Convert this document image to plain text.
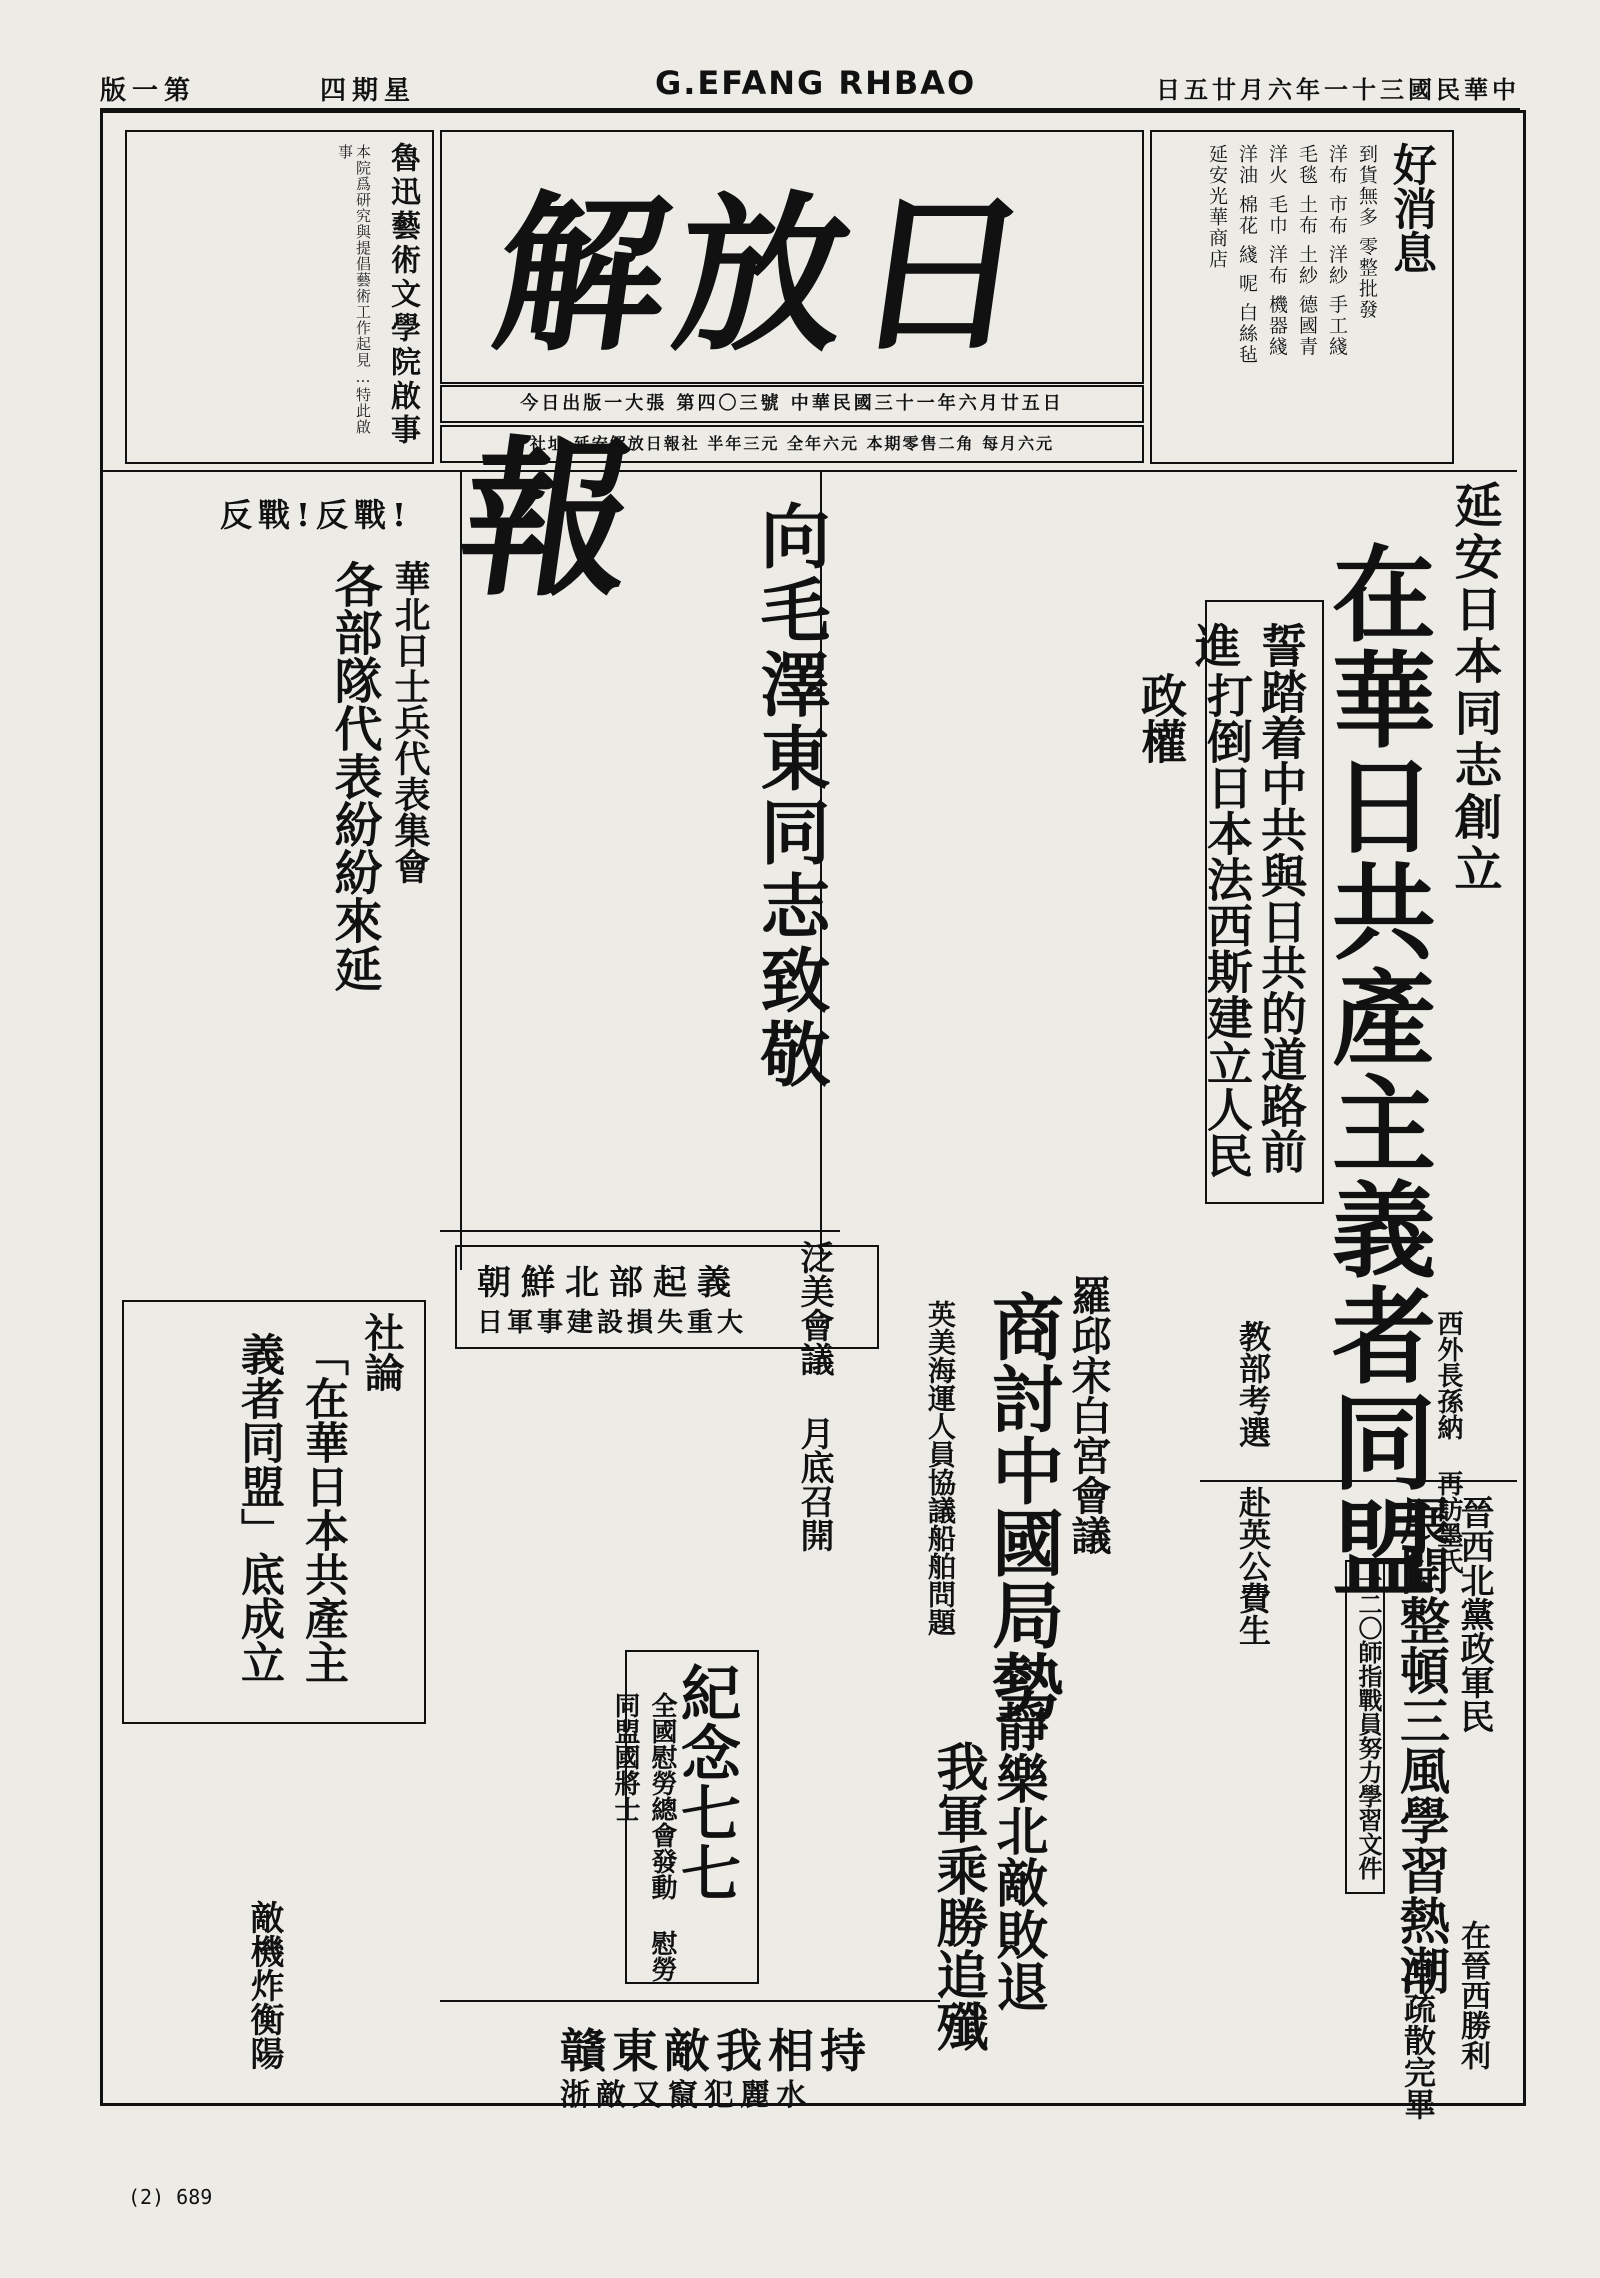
版一第	四期星	G.EFANG RHBAO	日五廿月六年一十三國民華中
魯迅藝術文學院啟事
本院爲研究與提倡藝術工作起見…特此啟事
解放日報
今日出版一大張 第四〇三號 中華民國三十一年六月廿五日
社址:延安解放日報社 半年三元 全年六元 本期零售二角 每月六元
好消息
到貨無多 零整批發
洋布 市布 洋紗 手工綫
毛毯 土布 土紗 德國青
洋火 毛巾 洋布 機器綫
洋油 棉花 綫 呢 白絲毡
延安光華商店
延安日本同志創立
在華日共產主義者同盟
誓踏着中共與日共的道路前進
打倒日本法西斯建立人民政權
向毛澤東同志致敬
反戰!反戰!
華北日士兵代表集會
各部隊代表紛紛來延
朝鮮北部起義
日軍事建設損失重大 泛美會議 月底召開	羅邱宋白宮會議
商討中國局勢
英美海運人員協議船舶問題
社論
「在華日本共產主義者同盟」底成立	教部考選 赴英公費生	西外長孫納 再訪墨氏
晉西北黨政軍民
展開整頓三風學習熱潮
一二〇師指戰員努力學習文件
靜樂北敵敗退
我軍乘勝追殲
紀念七七
全國慰勞總會發動 慰勞同盟國將士
贛東敵我相持
浙敵又竄犯麗水
在晉西勝利
印疏散完畢
敵機炸衡陽
(2) 689
